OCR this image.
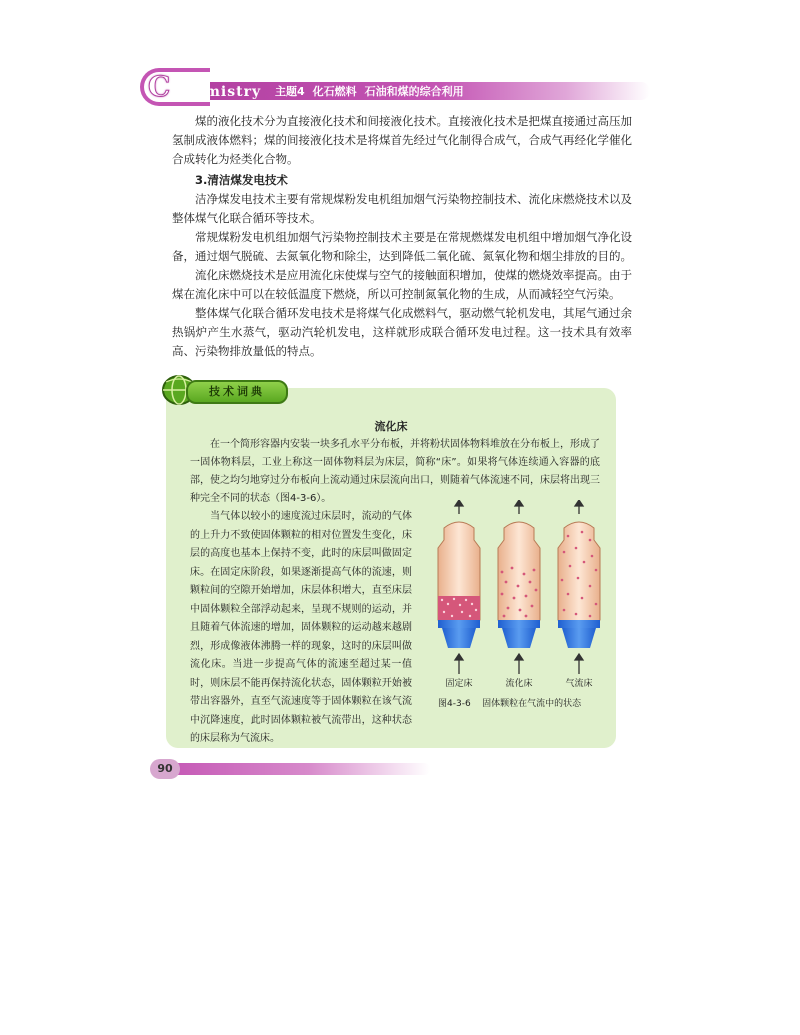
C hemistry 主题4 化石燃料 石油和煤的综合利用

煤的液化技术分为直接液化技术和间接液化技术。直接液化技术是把煤直接通过高压加氢制成液体燃料；煤的间接液化技术是将煤首先经过气化制得合成气，合成气再经化学催化合成转化为烃类化合物。

3.清洁煤发电技术

洁净煤发电技术主要有常规煤粉发电机组加烟气污染物控制技术、流化床燃烧技术以及整体煤气化联合循环等技术。

常规煤粉发电机组加烟气污染物控制技术主要是在常规燃煤发电机组中增加烟气净化设备，通过烟气脱硫、去氮氧化物和除尘，达到降低二氧化硫、氮氧化物和烟尘排放的目的。

流化床燃烧技术是应用流化床使煤与空气的接触面积增加，使煤的燃烧效率提高。由于煤在流化床中可以在较低温度下燃烧，所以可控制氮氧化物的生成，从而减轻空气污染。

整体煤气化联合循环发电技术是将煤气化成燃料气，驱动燃气轮机发电，其尾气通过余热锅炉产生水蒸气，驱动汽轮机发电，这样就形成联合循环发电过程。这一技术具有效率高、污染物排放量低的特点。

技术词典
流化床

在一个简形容器内安装一块多孔水平分布板，并将粉状固体物料堆放在分布板上，形成了一固体物料层，工业上称这一固体物料层为床层，简称“床”。如果将气体连续通入容器的底部，使之均匀地穿过分布板向上流动通过床层流向出口，则随着气体流速不同，床层将出现三种完全不同的状态（图4-3-6）。

当气体以较小的速度流过床层时，流动的气体的上升力不致使固体颗粒的相对位置发生变化，床层的高度也基本上保持不变，此时的床层叫做固定床。在固定床阶段，如果逐渐提高气体的流速，则颗粒间的空隙开始增加，床层体积增大，直至床层中固体颗粒全部浮动起来，呈现不规则的运动，并且随着气体流速的增加，固体颗粒的运动越来越剧烈，形成像液体沸腾一样的现象，这时的床层叫做流化床。当进一步提高气体的流速至超过某一值时，则床层不能再保持流化状态，固体颗粒开始被带出容器外，直至气流速度等于固体颗粒在该气流中沉降速度，此时固体颗粒被气流带出，这种状态的床层称为气流床。

固定床	流化床	气流床
图4-3-6 固体颗粒在气流中的状态
90
